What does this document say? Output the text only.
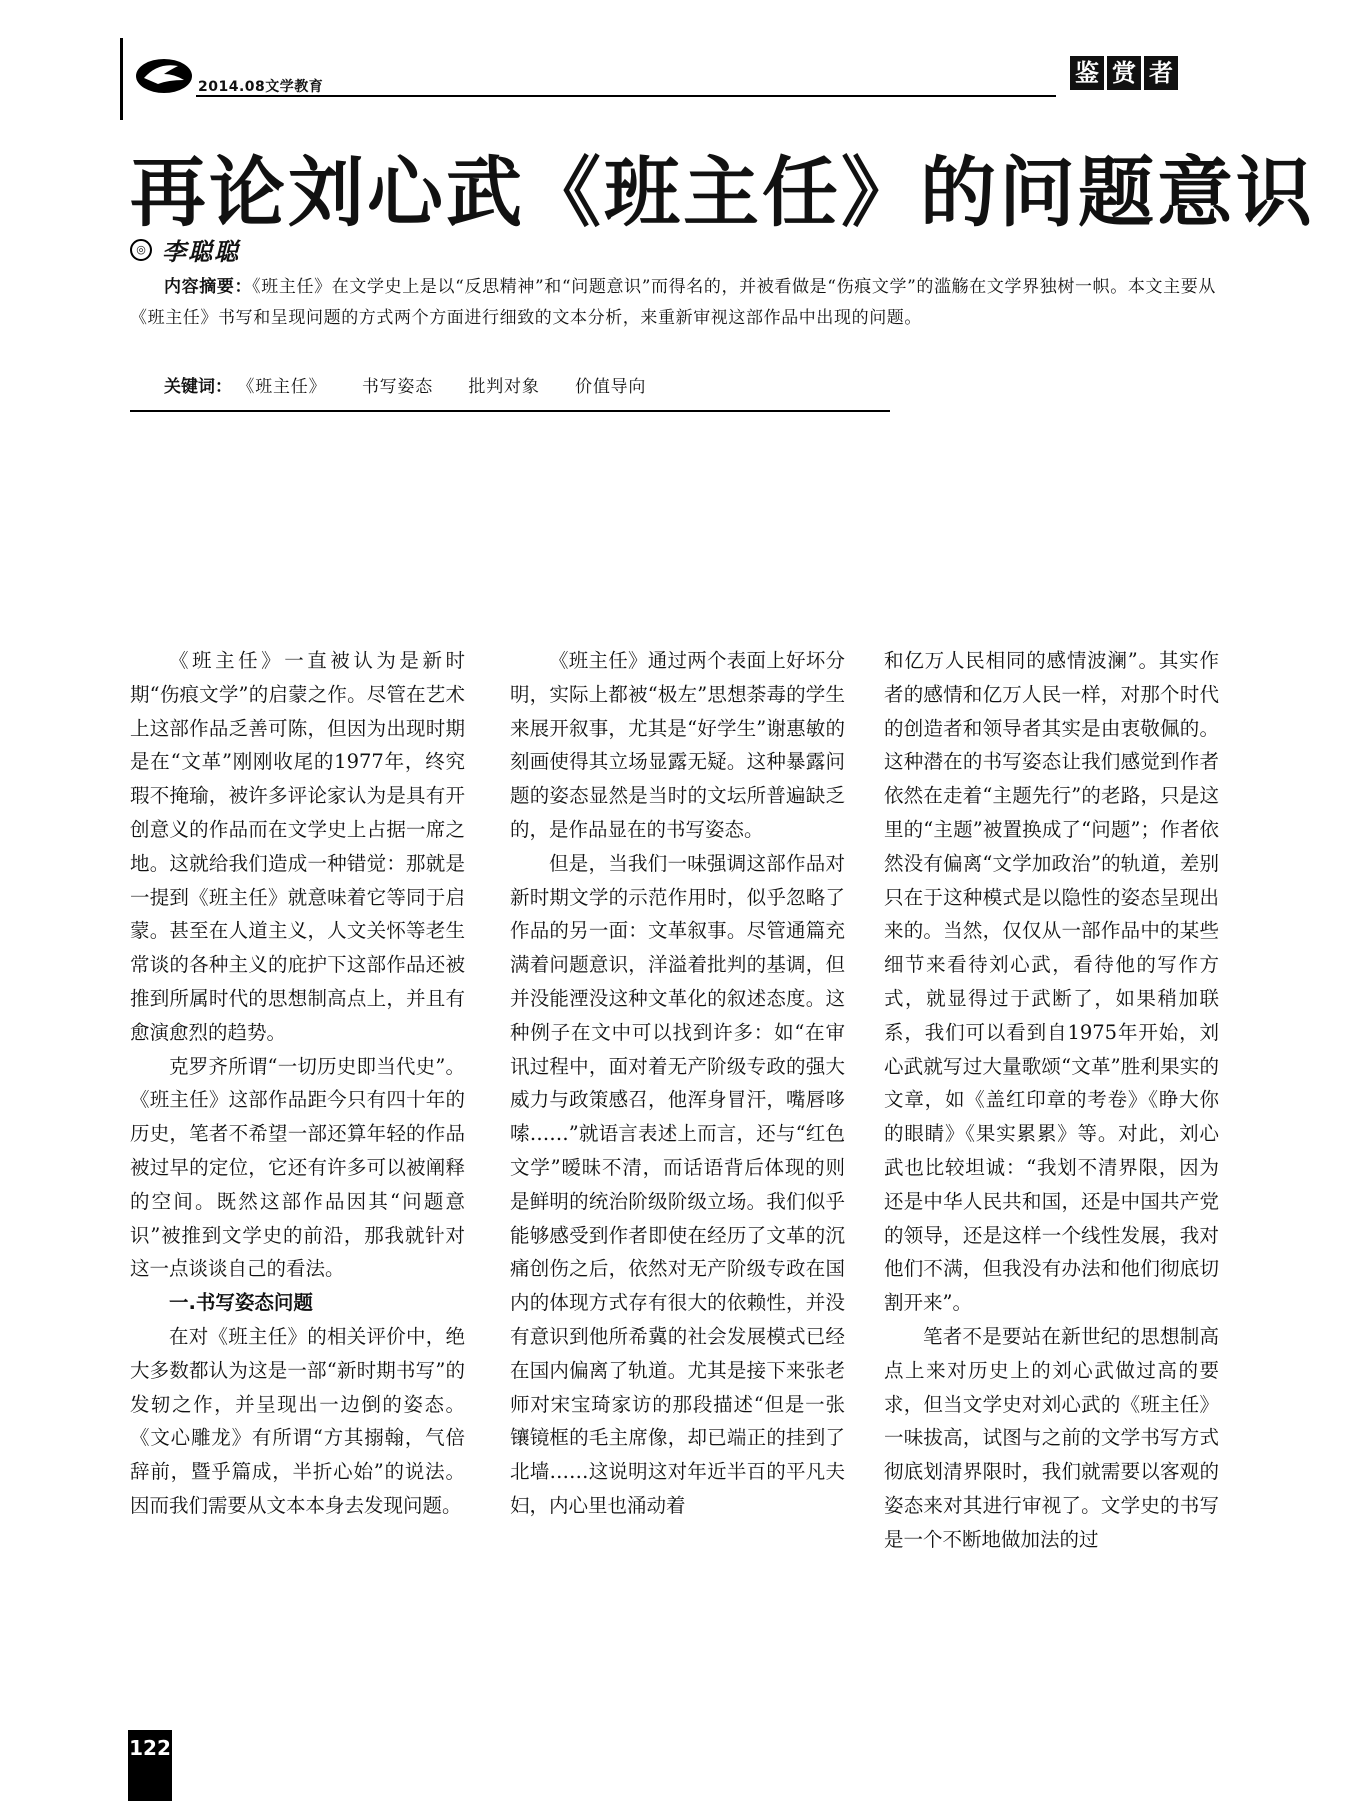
2014.08文学教育	鉴 赏 者
再论刘心武《班主任》的问题意识
◎ 李聪聪

内容摘要：《班主任》在文学史上是以“反思精神”和“问题意识”而得名的，并被看做是“伤痕文学”的滥觞在文学界独树一帜。本文主要从《班主任》书写和呈现问题的方式两个方面进行细致的文本分析，来重新审视这部作品中出现的问题。

关键词： 《班主任》 书写姿态 批判对象 价值导向

《班主任》一直被认为是新时期“伤痕文学”的启蒙之作。尽管在艺术上这部作品乏善可陈，但因为出现时期是在“文革”刚刚收尾的1977年，终究瑕不掩瑜，被许多评论家认为是具有开创意义的作品而在文学史上占据一席之地。这就给我们造成一种错觉：那就是一提到《班主任》就意味着它等同于启蒙。甚至在人道主义，人文关怀等老生常谈的各种主义的庇护下这部作品还被推到所属时代的思想制高点上，并且有愈演愈烈的趋势。

克罗齐所谓“一切历史即当代史”。《班主任》这部作品距今只有四十年的历史，笔者不希望一部还算年轻的作品被过早的定位，它还有许多可以被阐释的空间。既然这部作品因其“问题意识”被推到文学史的前沿，那我就针对这一点谈谈自己的看法。

一.书写姿态问题

在对《班主任》的相关评价中，绝大多数都认为这是一部“新时期书写”的发轫之作，并呈现出一边倒的姿态。《文心雕龙》有所谓“方其搦翰，气倍辞前，暨乎篇成，半折心始”的说法。因而我们需要从文本本身去发现问题。

《班主任》通过两个表面上好坏分明，实际上都被“极左”思想荼毒的学生来展开叙事，尤其是“好学生”谢惠敏的刻画使得其立场显露无疑。这种暴露问题的姿态显然是当时的文坛所普遍缺乏的，是作品显在的书写姿态。

但是，当我们一味强调这部作品对新时期文学的示范作用时，似乎忽略了作品的另一面：文革叙事。尽管通篇充满着问题意识，洋溢着批判的基调，但并没能湮没这种文革化的叙述态度。这种例子在文中可以找到许多：如“在审讯过程中，面对着无产阶级专政的强大威力与政策感召，他浑身冒汗，嘴唇哆嗦……”就语言表述上而言，还与“红色文学”暧昧不清，而话语背后体现的则是鲜明的统治阶级阶级立场。我们似乎能够感受到作者即使在经历了文革的沉痛创伤之后，依然对无产阶级专政在国内的体现方式存有很大的依赖性，并没有意识到他所希冀的社会发展模式已经在国内偏离了轨道。尤其是接下来张老师对宋宝琦家访的那段描述“但是一张镶镜框的毛主席像，却已端正的挂到了北墙……这说明这对年近半百的平凡夫妇，内心里也涌动着

和亿万人民相同的感情波澜”。其实作者的感情和亿万人民一样，对那个时代的创造者和领导者其实是由衷敬佩的。这种潜在的书写姿态让我们感觉到作者依然在走着“主题先行”的老路，只是这里的“主题”被置换成了“问题”；作者依然没有偏离“文学加政治”的轨道，差别只在于这种模式是以隐性的姿态呈现出来的。当然，仅仅从一部作品中的某些细节来看待刘心武，看待他的写作方式，就显得过于武断了，如果稍加联系，我们可以看到自1975年开始，刘心武就写过大量歌颂“文革”胜利果实的文章，如《盖红印章的考卷》《睁大你的眼睛》《果实累累》等。对此，刘心武也比较坦诚：“我划不清界限，因为还是中华人民共和国，还是中国共产党的领导，还是这样一个线性发展，我对他们不满，但我没有办法和他们彻底切割开来”。

笔者不是要站在新世纪的思想制高点上来对历史上的刘心武做过高的要求，但当文学史对刘心武的《班主任》一味拔高，试图与之前的文学书写方式彻底划清界限时，我们就需要以客观的姿态来对其进行审视了。文学史的书写是一个不断地做加法的过

122
